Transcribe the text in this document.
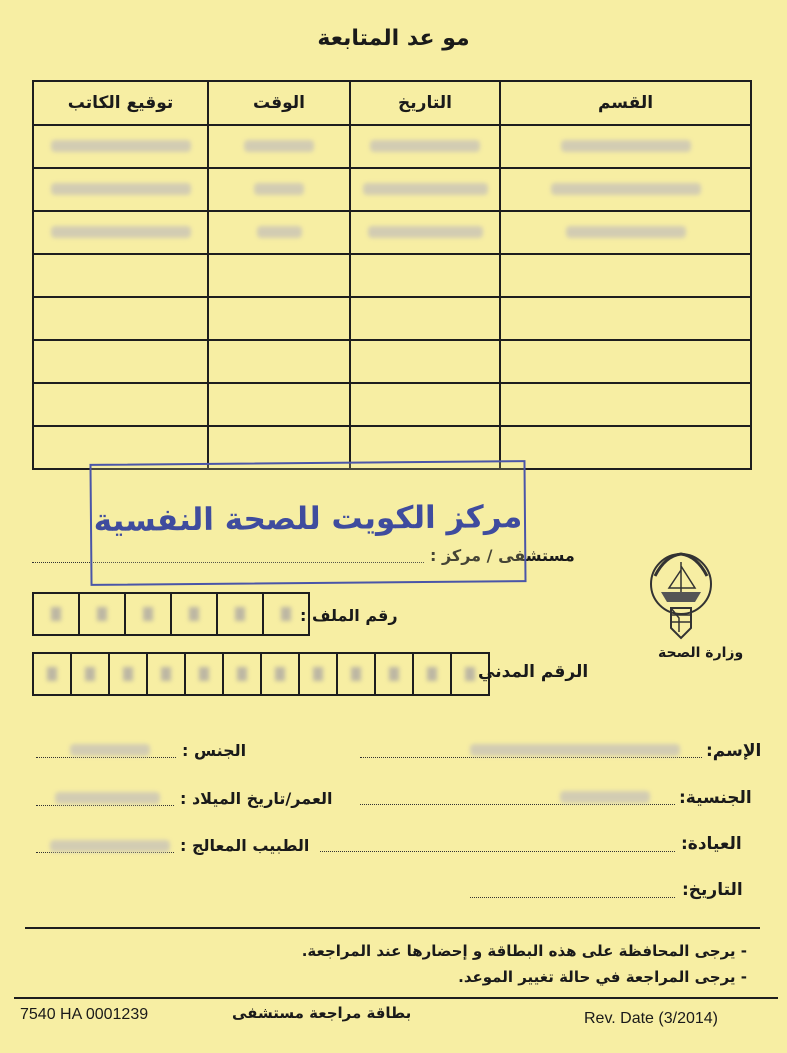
مو عد المتابعة
القسم	التاريخ	الوقت	توقيع الكاتب

مستشفى / مركز :
مركز الكويت للصحة النفسية
رقم الملف :
الرقم المدني
وزارة الصحة
الإسم:
الجنس :
الجنسية:
العمر/تاريخ الميلاد :
العيادة:
الطبيب المعالج :
التاريخ:
- يرجى المحافظة على هذه البطاقة و إحضارها عند المراجعة.
- يرجى المراجعة في حالة تغيير الموعد.
7540 HA 0001239	بطاقة مراجعة مستشفى	Rev. Date (3/2014)
